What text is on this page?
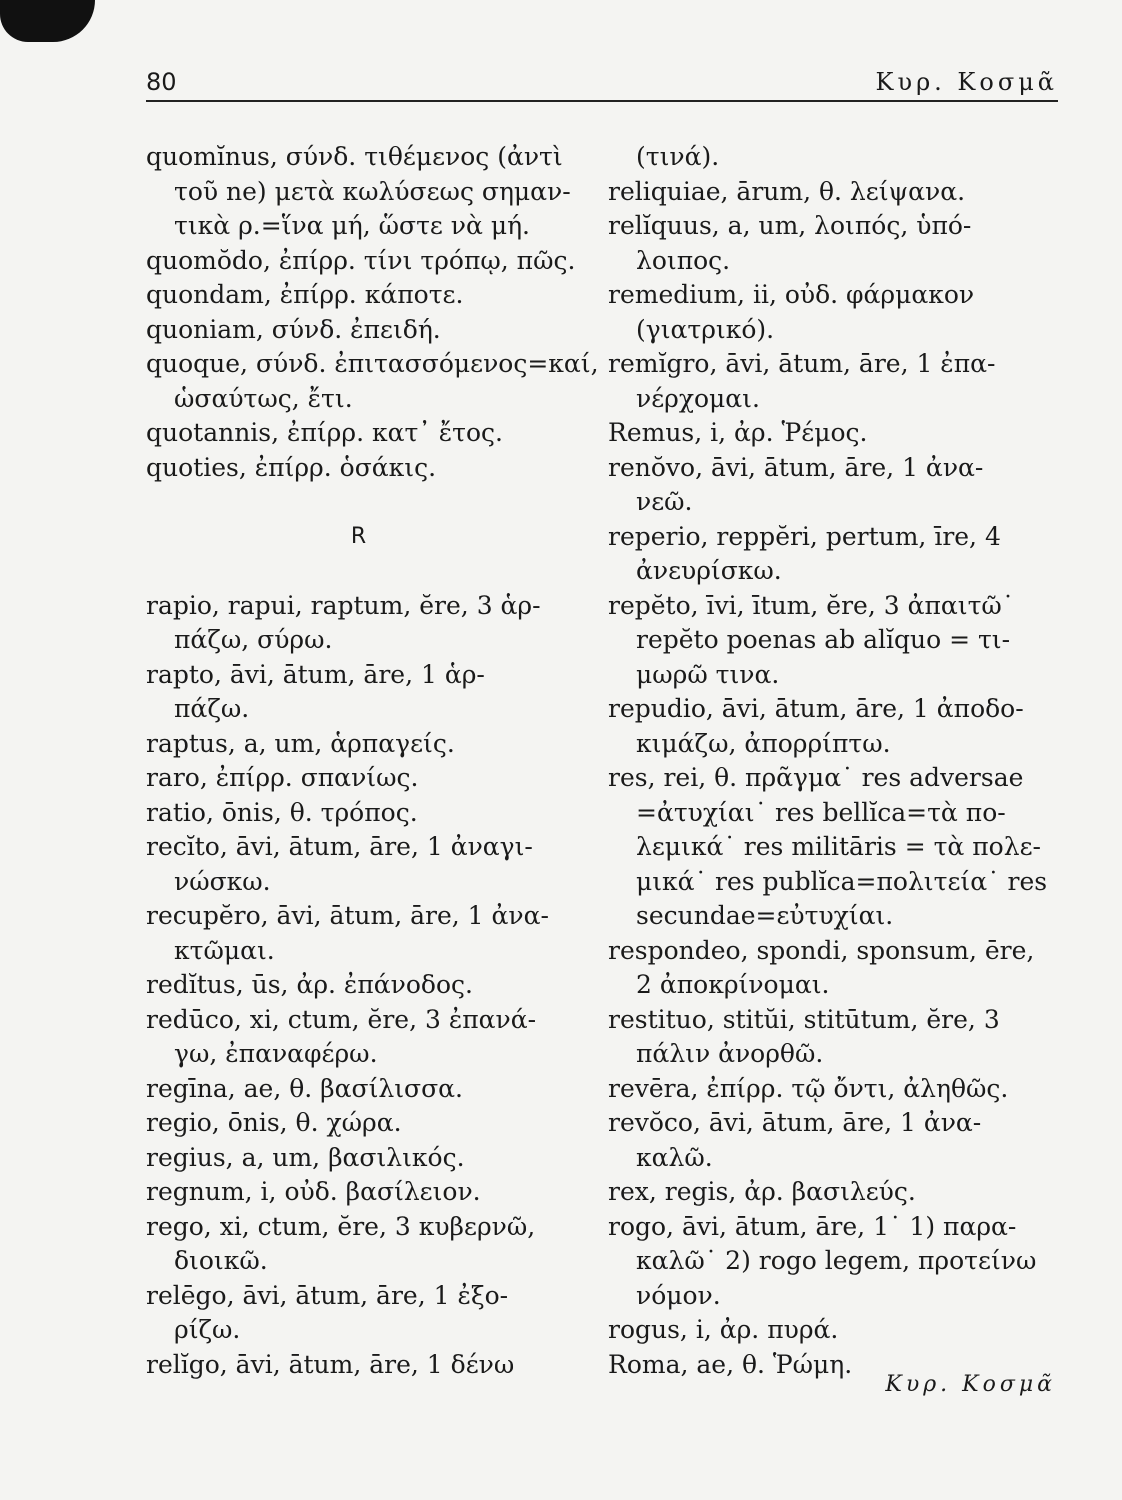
80	Κυρ. Κοσμᾶ
quomĭnus, σύνδ. τιθέμενος (ἀντὶ
τοῦ ne) μετὰ κωλύσεως σημαν-
τικὰ ρ.=ἵνα μή, ὥστε νὰ μή.
quomŏdo, ἐπίρρ. τίνι τρόπῳ, πῶς.
quondam, ἐπίρρ. κάποτε.
quoniam, σύνδ. ἐπειδή.
quoque, σύνδ. ἐπιτασσόμενος=καί,
ὡσαύτως, ἔτι.
quotannis, ἐπίρρ. κατ᾽ ἔτος.
quoties, ἐπίρρ. ὁσάκις.
R
rapio, rapui, raptum, ĕre, 3 ἁρ-
πάζω, σύρω.
rapto, āvi, ātum, āre, 1 ἁρ-
πάζω.
raptus, a, um, ἁρπαγείς.
raro, ἐπίρρ. σπανίως.
ratio, ōnis, θ. τρόπος.
recĭto, āvi, ātum, āre, 1 ἀναγι-
νώσκω.
recupĕro, āvi, ātum, āre, 1 ἀνα-
κτῶμαι.
redĭtus, ūs, ἀρ. ἐπάνοδος.
redūco, xi, ctum, ĕre, 3 ἐπανά-
γω, ἐπαναφέρω.
regīna, ae, θ. βασίλισσα.
regio, ōnis, θ. χώρα.
regius, a, um, βασιλικός.
regnum, i, οὐδ. βασίλειον.
rego, xi, ctum, ĕre, 3 κυβερνῶ,
διοικῶ.
relēgo, āvi, ātum, āre, 1 ἐξο-
ρίζω.
relĭgo, āvi, ātum, āre, 1 δένω
(τινά).
reliquiae, ārum, θ. λείψανα.
relĭquus, a, um, λοιπός, ὑπό-
λοιπος.
remedium, ii, οὐδ. φάρμακον
(γιατρικό).
remĭgro, āvi, ātum, āre, 1 ἐπα-
νέρχομαι.
Remus, i, ἀρ. Ῥέμος.
renŏvo, āvi, ātum, āre, 1 ἀνα-
νεῶ.
reperio, reppĕri, pertum, īre, 4
ἀνευρίσκω.
repĕto, īvi, ītum, ĕre, 3 ἀπαιτῶ˙
repĕto poenas ab alĭquo = τι-
μωρῶ τινα.
repudio, āvi, ātum, āre, 1 ἀποδο-
κιμάζω, ἀπορρίπτω.
res, rei, θ. πρᾶγμα˙ res adversae
=ἀτυχίαι˙ res bellĭca=τὰ πο-
λεμικά˙ res militāris = τὰ πολε-
μικά˙ res publĭca=πολιτεία˙ res
secundae=εὐτυχίαι.
respondeo, spondi, sponsum, ēre,
2 ἀποκρίνομαι.
restituo, stitŭi, stitūtum, ĕre, 3
πάλιν ἀνορθῶ.
revēra, ἐπίρρ. τῷ ὄντι, ἀληθῶς.
revŏco, āvi, ātum, āre, 1 ἀνα-
καλῶ.
rex, regis, ἀρ. βασιλεύς.
rogo, āvi, ātum, āre, 1˙ 1) παρα-
καλῶ˙ 2) rogo legem, προτείνω
νόμον.
rogus, i, ἀρ. πυρά.
Roma, ae, θ. Ῥώμη.
Κυρ. Κοσμᾶ
